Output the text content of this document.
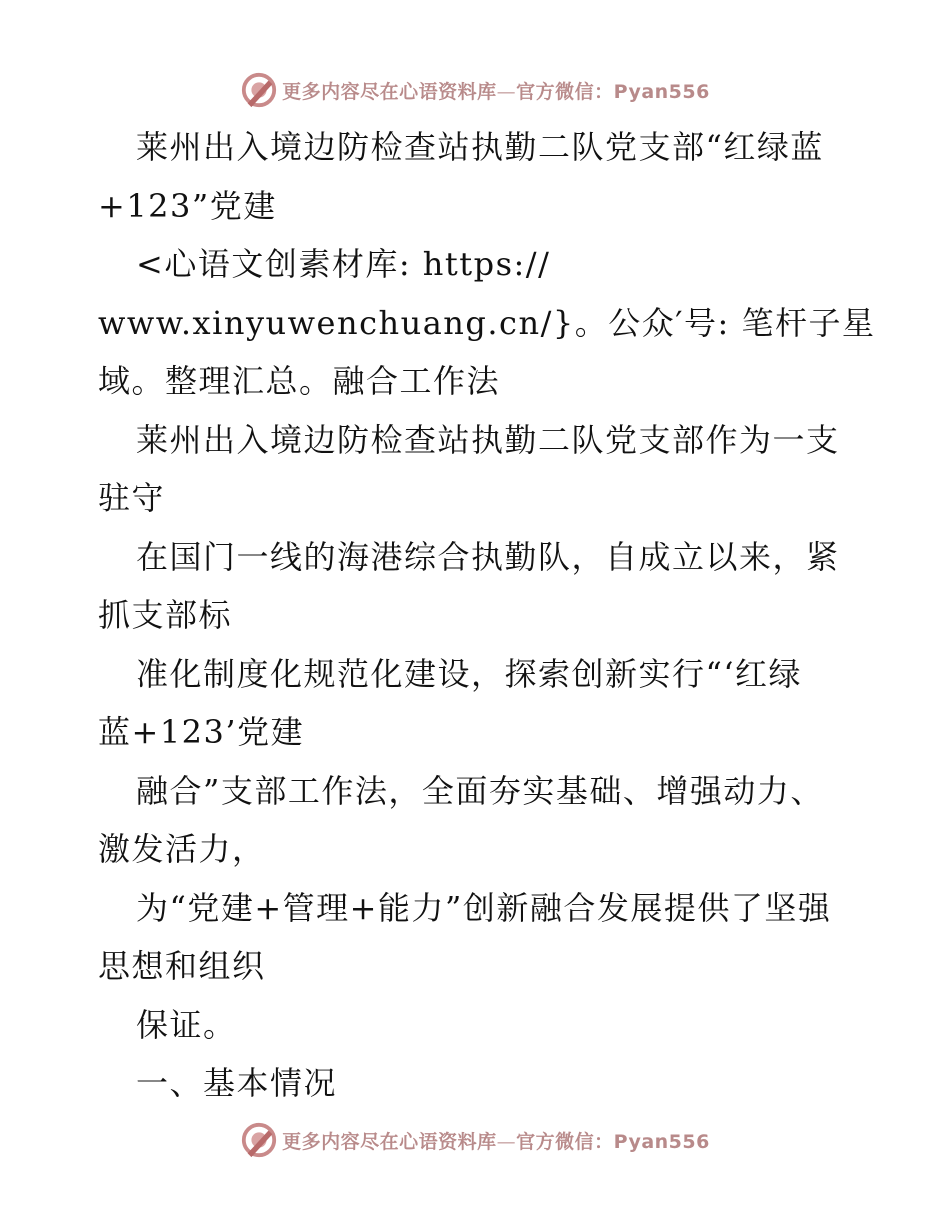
更多内容尽在心语资料库—官方微信：Pyan556
莱州出入境边防检查站执勤二队党支部“红绿蓝
+123”党建
<心语文创素材库: https://
www.xinyuwenchuang.cn/}。公众′号: 笔杆子星
域。整理汇总。融合工作法
莱州出入境边防检查站执勤二队党支部作为一支
驻守
在国门一线的海港综合执勤队，自成立以来，紧
抓支部标
准化制度化规范化建设，探索创新实行“‘红绿
蓝+123’党建
融合”支部工作法，全面夯实基础、增强动力、
激发活力，
为“党建+管理+能力”创新融合发展提供了坚强
思想和组织
保证。
一、基本情况
更多内容尽在心语资料库—官方微信：Pyan556
